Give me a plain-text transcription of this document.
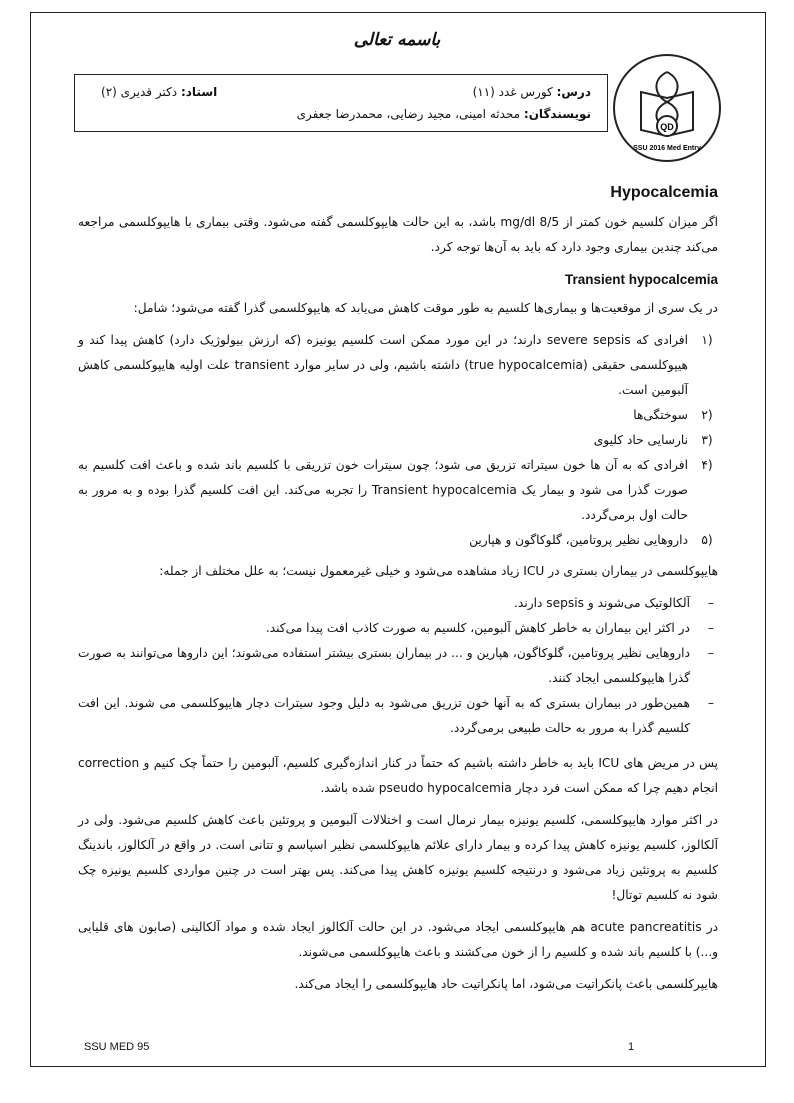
باسمه تعالی
QD
SSU 2016 Med Entry
درس: کورس غدد (۱۱)
استاد: دکتر قدیری (۲)
نویسندگان: محدثه امینی، مجید رضایی، محمدرضا جعفری
Hypocalcemia

اگر میزان کلسیم خون کمتر از 8/5 mg/dl باشد، به این حالت هایپوکلسمی گفته می‌شود. وقتی بیماری با هایپوکلسمی مراجعه می‌کند چندین بیماری وجود دارد که باید به آن‌ها توجه کرد.

Transient hypocalcemia

در یک سری از موقعیت‌ها و بیماری‌ها کلسیم به طور موقت کاهش می‌یابد که هایپوکلسمی گذرا گفته می‌شود؛ شامل:

(۱
افرادی که severe sepsis دارند؛ در این مورد ممکن است کلسیم یونیزه (که ارزش بیولوژیک دارد) کاهش پیدا کند و هیپوکلسمی حقیقی (true hypocalcemia) داشته باشیم، ولی در سایر موارد transient علت اولیه هایپوکلسمی کاهش آلبومین است.
(۲
سوختگی‌ها
(۳
نارسایی حاد کلیوی
(۴
افرادی که به آن ها خون سیتراته تزریق می شود؛ چون سیترات خون تزریقی با کلسیم باند شده و باعث افت کلسیم به صورت گذرا می شود و بیمار یک Transient hypocalcemia را تجربه می‌کند. این افت کلسیم گذرا بوده و به مرور به حالت اول برمی‌گردد.
(۵
داروهایی نظیر پروتامین، گلوکاگون و هپارین

هایپوکلسمی در بیماران بستری در ICU زیاد مشاهده می‌شود و خیلی غیرمعمول نیست؛ به علل مختلف از جمله:

– آلکالوتیک می‌شوند و sepsis دارند.
– در اکثر این بیماران به خاطر کاهش آلبومین، کلسیم به صورت کاذب افت پیدا می‌کند.
– داروهایی نظیر پروتامین، گلوکاگون، هپارین و ... در بیماران بستری بیشتر استفاده می‌شوند؛ این داروها می‌توانند به صورت گذرا هایپوکلسمی ایجاد کنند.
– همین‌طور در بیماران بستری که به آنها خون تزریق می‌شود به دلیل وجود سیترات دچار هایپوکلسمی می شوند. این افت کلسیم گذرا به مرور به حالت طبیعی برمی‌گردد.

پس در مریض های ICU باید به خاطر داشته باشیم که حتماً در کنار اندازه‌گیری کلسیم، آلبومین را حتماً چک کنیم و correction انجام دهیم چرا که ممکن است فرد دچار pseudo hypocalcemia شده باشد.

در اکثر موارد هایپوکلسمی، کلسیم یونیزه بیمار نرمال است و اختلالات آلبومین و پروتئین باعث کاهش کلسیم می‌شود. ولی در آلکالوز، کلسیم یونیزه کاهش پیدا کرده و بیمار دارای علائم هایپوکلسمی نظیر اسپاسم و تتانی است. در واقع در آلکالوز، باندینگ کلسیم به پروتئین زیاد می‌شود و درنتیجه کلسیم یونیزه کاهش پیدا می‌کند. پس بهتر است در چنین مواردی کلسیم یونیزه چک شود نه کلسیم توتال!

در acute pancreatitis هم هایپوکلسمی ایجاد می‌شود. در این حالت آلکالوز ایجاد شده و مواد آلکالینی (صابون های قلیایی و...) با کلسیم باند شده و کلسیم را از خون می‌کشند و باعث هایپوکلسمی می‌شوند.

هایپرکلسمی باعث پانکراتیت می‌شود، اما پانکراتیت حاد هایپوکلسمی را ایجاد می‌کند.

SSU MED 95	1
